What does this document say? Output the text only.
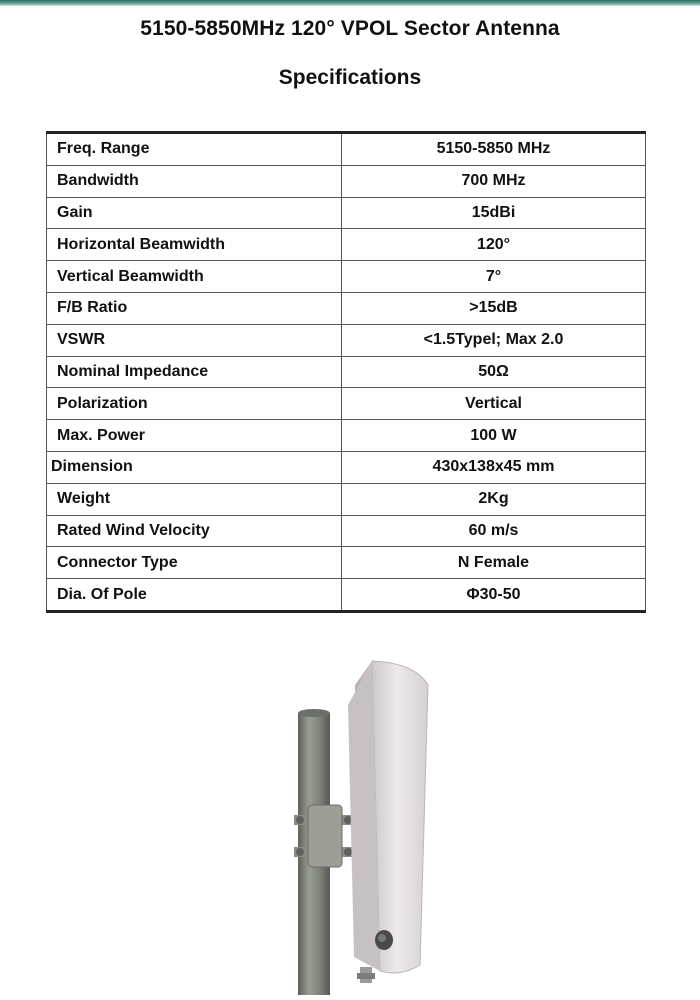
5150-5850MHz 120° VPOL Sector Antenna
Specifications
Freq. Range	5150-5850 MHz
Bandwidth	700 MHz
Gain	15dBi
Horizontal Beamwidth	120°
Vertical Beamwidth	7°
F/B Ratio	>15dB
VSWR	<1.5Typel; Max 2.0
Nominal Impedance	50Ω
Polarization	Vertical
Max. Power	100 W
Dimension	430x138x45 mm
Weight	2Kg
Rated Wind Velocity	60 m/s
Connector Type	N Female
Dia. Of Pole	Φ30-50
